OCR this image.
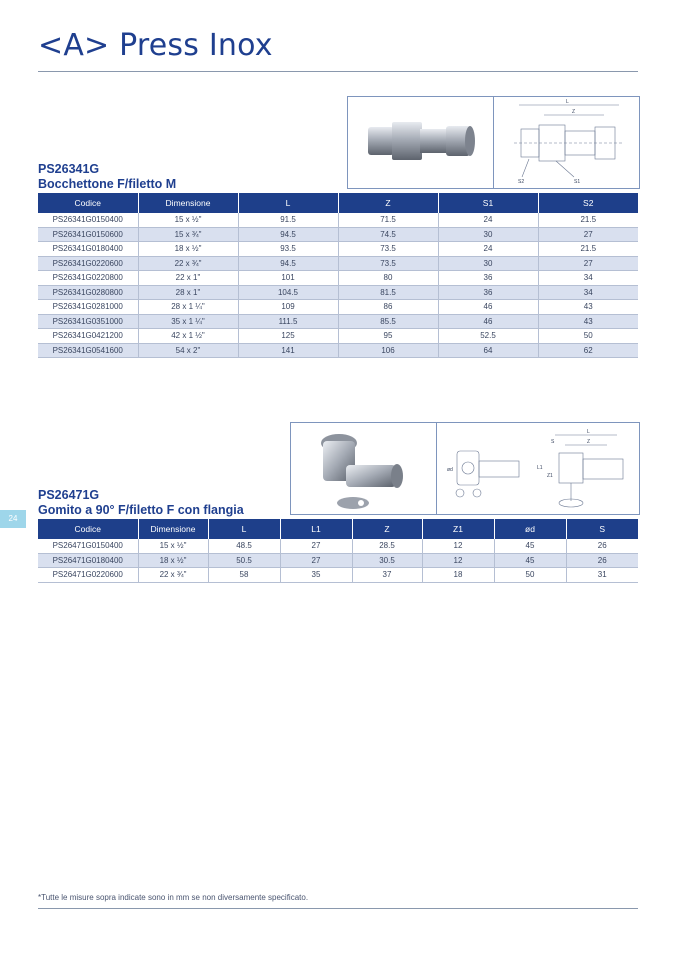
<A> Press Inox
L
Z
S2	S1
PS26341G
Bocchettone F/filetto M
Codice	Dimensione	L	Z	S1	S2
PS26341G0150400	15 x ½"	91.5	71.5	24	21.5
PS26341G0150600	15 x ¾"	94.5	74.5	30	27
PS26341G0180400	18 x ½"	93.5	73.5	24	21.5
PS26341G0220600	22 x ¾"	94.5	73.5	30	27
PS26341G0220800	22 x 1"	101	80	36	34
PS26341G0280800	28 x 1"	104.5	81.5	36	34
PS26341G0281000	28 x 1 ¼"	109	86	46	43
PS26341G0351000	35 x 1 ¼"	111.5	85.5	46	43
PS26341G0421200	42 x 1 ½"	125	95	52.5	50
PS26341G0541600	54 x 2"	141	106	64	62
ød
L
Z
S
L1
Z1
24
PS26471G
Gomito a 90° F/filetto F con flangia
Codice	Dimensione	L	L1	Z	Z1	ød	S
PS26471G0150400	15 x ½"	48.5	27	28.5	12	45	26
PS26471G0180400	18 x ½"	50.5	27	30.5	12	45	26
PS26471G0220600	22 x ¾"	58	35	37	18	50	31
*Tutte le misure sopra indicate sono in mm se non diversamente specificato.
